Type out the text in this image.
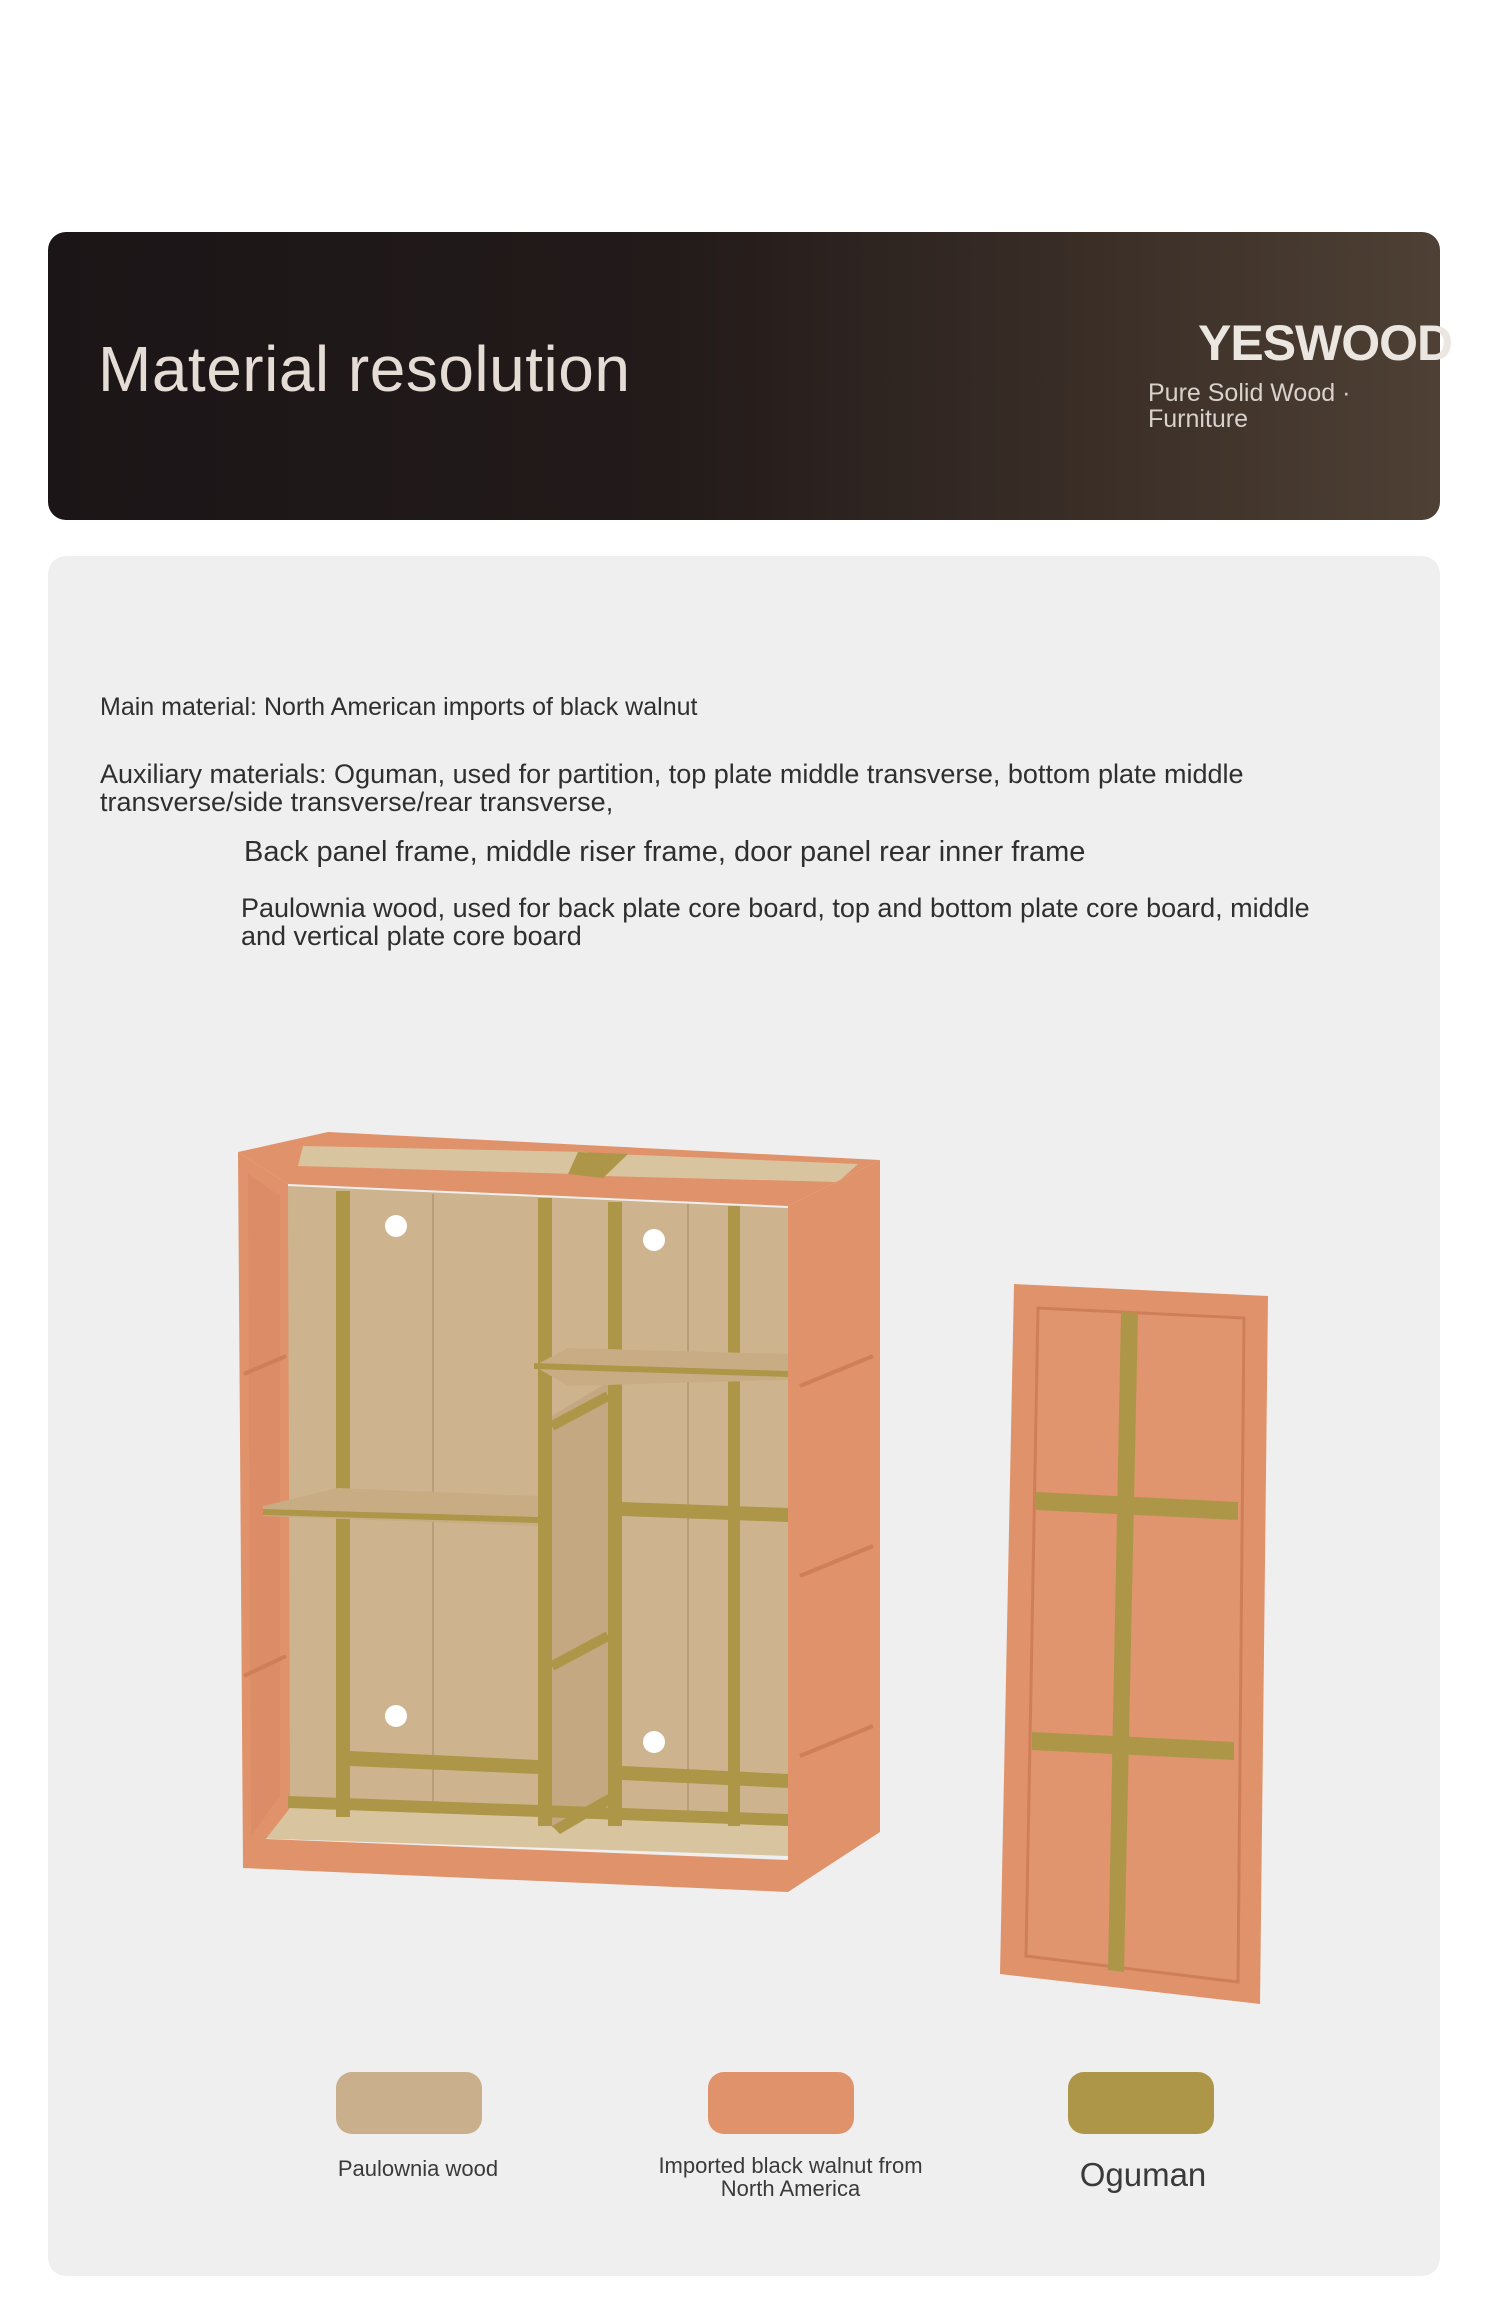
Material resolution	YESWOOD
Pure Solid Wood · Furniture
Main material: North American imports of black walnut
Auxiliary materials: Oguman, used for partition, top plate middle transverse, bottom plate middle transverse/side transverse/rear transverse,
Back panel frame, middle riser frame, door panel rear inner frame
Paulownia wood, used for back plate core board, top and bottom plate core board, middle and vertical plate core board
Paulownia wood	Imported black walnut from North America	Oguman
